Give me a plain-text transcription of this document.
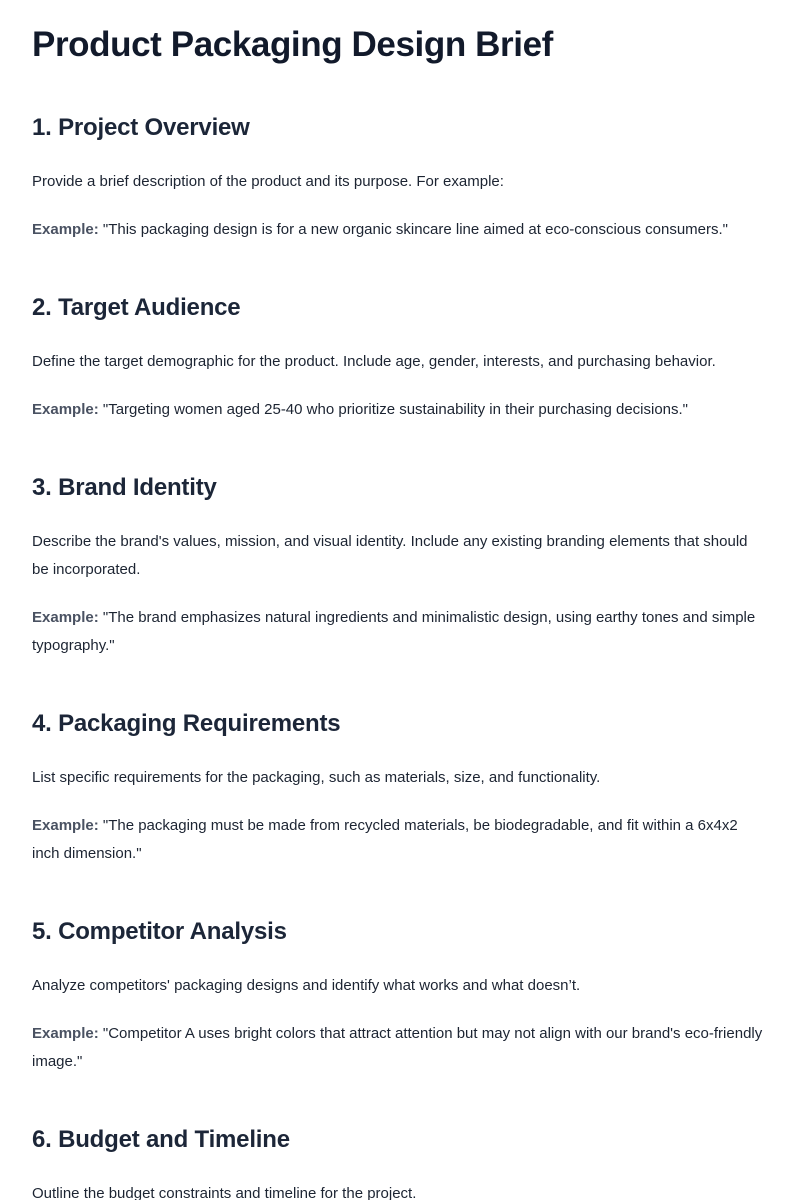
Product Packaging Design Brief
1. Project Overview

Provide a brief description of the product and its purpose. For example:

Example: "This packaging design is for a new organic skincare line aimed at eco-conscious consumers."

2. Target Audience

Define the target demographic for the product. Include age, gender, interests, and purchasing behavior.

Example: "Targeting women aged 25-40 who prioritize sustainability in their purchasing decisions."

3. Brand Identity

Describe the brand's values, mission, and visual identity. Include any existing branding elements that should be incorporated.

Example: "The brand emphasizes natural ingredients and minimalistic design, using earthy tones and simple typography."

4. Packaging Requirements

List specific requirements for the packaging, such as materials, size, and functionality.

Example: "The packaging must be made from recycled materials, be biodegradable, and fit within a 6x4x2 inch dimension."

5. Competitor Analysis

Analyze competitors' packaging designs and identify what works and what doesn’t.

Example: "Competitor A uses bright colors that attract attention but may not align with our brand's eco-friendly image."

6. Budget and Timeline

Outline the budget constraints and timeline for the project.
